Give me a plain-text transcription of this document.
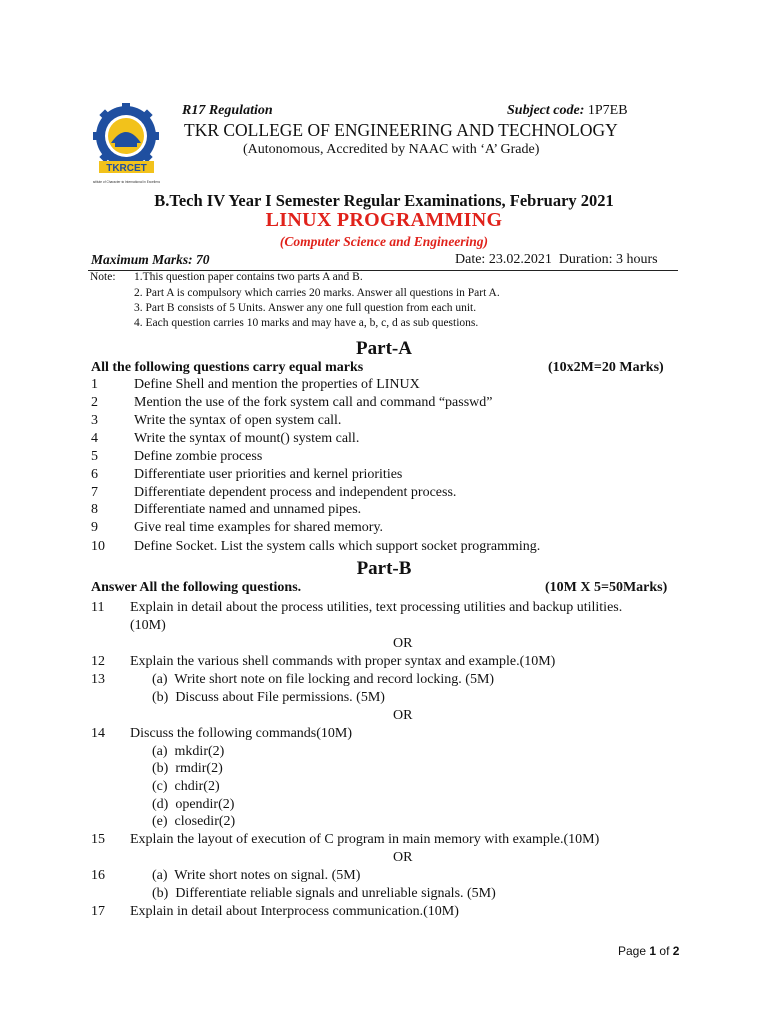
TKRCET
Institute of Character ✿ International in Excellence
R17 Regulation	Subject code: 1P7EB
TKR COLLEGE OF ENGINEERING AND TECHNOLOGY
(Autonomous, Accredited by NAAC with ‘A’ Grade)
B.Tech IV Year I Semester Regular Examinations, February 2021
LINUX PROGRAMMING
(Computer Science and Engineering)
Maximum Marks: 70	Date: 23.02.2021  Duration: 3 hours
Note: 1.This question paper contains two parts A and B.
2. Part A is compulsory which carries 20 marks. Answer all questions in Part A.
3. Part B consists of 5 Units. Answer any one full question from each unit.
4. Each question carries 10 marks and may have a, b, c, d as sub questions.
Part-A
All the following questions carry equal marks	(10x2M=20 Marks)
1	Define Shell and mention the properties of LINUX
2	Mention the use of the fork system call and command “passwd”
3	Write the syntax of open system call.
4	Write the syntax of mount() system call.
5	Define zombie process
6	Differentiate user priorities and kernel priorities
7	Differentiate dependent process and independent process.
8	Differentiate named and unnamed pipes.
9	Give real time examples for shared memory.
10 Define Socket. List the system calls which support socket programming.
Part-B
Answer All the following questions.	(10M X 5=50Marks)
11 Explain in detail about the process utilities, text processing utilities and backup utilities.
(10M)
OR
12 Explain the various shell commands with proper syntax and example.(10M)
13	(a)  Write short note on file locking and record locking. (5M)
(b)  Discuss about File permissions. (5M)
OR
14 Discuss the following commands(10M)
(a)  mkdir(2)
(b)  rmdir(2)
(c)  chdir(2)
(d)  opendir(2)
(e)  closedir(2)
15 Explain the layout of execution of C program in main memory with example.(10M)
OR
16	(a)  Write short notes on signal. (5M)
(b)  Differentiate reliable signals and unreliable signals. (5M)
17 Explain in detail about Interprocess communication.(10M)
Page 1 of 2
